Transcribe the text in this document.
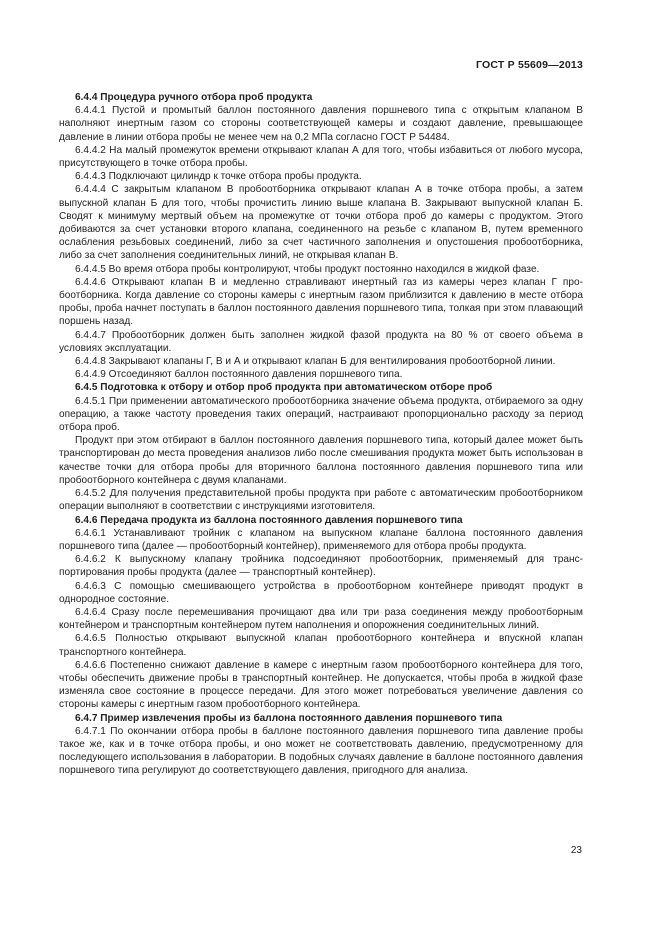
ГОСТ Р 55609—2013

6.4.4 Процедура ручного отбора проб продукта

6.4.4.1 Пустой и промытый баллон постоянного давления поршневого типа с открытым клапаном В наполняют инертным газом со стороны соответствующей камеры и создают давление, превышающее давление в линии отбора пробы не менее чем на 0,2 МПа согласно ГОСТ Р 54484.

6.4.4.2 На малый промежуток времени открывают клапан А для того, чтобы избавиться от любого мусора, присутствующего в точке отбора пробы.

6.4.4.3 Подключают цилиндр к точке отбора пробы продукта.

6.4.4.4 С закрытым клапаном В пробоотборника открывают клапан А в точке отбора пробы, а затем выпускной клапан Б для того, чтобы прочистить линию выше клапана В. Закрывают выпускной клапан Б. Сводят к минимуму мертвый объем на промежутке от точки отбора проб до камеры с продуктом. Этого добиваются за счет установки второго клапана, соединенного на резьбе с клапаном В, путем временного ослабления резьбовых соединений, либо за счет частичного заполнения и опустошения пробоотборника, либо за счет заполнения соединительных линий, не открывая клапан В.

6.4.4.5 Во время отбора пробы контролируют, чтобы продукт постоянно находился в жидкой фазе.

6.4.4.6 Открывают клапан В и медленно стравливают инертный газ из камеры через клапан Г пробоотборника. Когда давление со стороны камеры с инертным газом приблизится к давлению в месте отбора пробы, проба начнет поступать в баллон постоянного давления поршневого типа, толкая при этом плавающий поршень назад.

6.4.4.7 Пробоотборник должен быть заполнен жидкой фазой продукта на 80 % от своего объема в условиях эксплуатации.

6.4.4.8 Закрывают клапаны Г, В и А и открывают клапан Б для вентилирования пробоотборной линии.

6.4.4.9 Отсоединяют баллон постоянного давления поршневого типа.

6.4.5 Подготовка к отбору и отбор проб продукта при автоматическом отборе проб

6.4.5.1 При применении автоматического пробоотборника значение объема продукта, отбираемого за одну операцию, а также частоту проведения таких операций, настраивают пропорционально расходу за период отбора проб.

Продукт при этом отбирают в баллон постоянного давления поршневого типа, который далее может быть транспортирован до места проведения анализов либо после смешивания продукта может быть использован в качестве точки для отбора пробы для вторичного баллона постоянного давления поршневого типа или пробоотборного контейнера с двумя клапанами.

6.4.5.2 Для получения представительной пробы продукта при работе с автоматическим пробоотборником операции выполняют в соответствии с инструкциями изготовителя.

6.4.6 Передача продукта из баллона постоянного давления поршневого типа

6.4.6.1 Устанавливают тройник с клапаном на выпускном клапане баллона постоянного давления поршневого типа (далее — пробоотборный контейнер), применяемого для отбора пробы продукта.

6.4.6.2 К выпускному клапану тройника подсоединяют пробоотборник, применяемый для транспортирования пробы продукта (далее — транспортный контейнер).

6.4.6.3 С помощью смешивающего устройства в пробоотборном контейнере приводят продукт в однородное состояние.

6.4.6.4 Сразу после перемешивания прочищают два или три раза соединения между пробоотборным контейнером и транспортным контейнером путем наполнения и опорожнения соединительных линий.

6.4.6.5 Полностью открывают выпускной клапан пробоотборного контейнера и впускной клапан транспортного контейнера.

6.4.6.6 Постепенно снижают давление в камере с инертным газом пробоотборного контейнера для того, чтобы обеспечить движение пробы в транспортный контейнер. Не допускается, чтобы проба в жидкой фазе изменяла свое состояние в процессе передачи. Для этого может потребоваться увеличение давления со стороны камеры с инертным газом пробоотборного контейнера.

6.4.7 Пример извлечения пробы из баллона постоянного давления поршневого типа

6.4.7.1 По окончании отбора пробы в баллоне постоянного давления поршневого типа давление пробы такое же, как и в точке отбора пробы, и оно может не соответствовать давлению, предусмотренному для последующего использования в лаборатории. В подобных случаях давление в баллоне постоянного давления поршневого типа регулируют до соответствующего давления, пригодного для анализа.

23
